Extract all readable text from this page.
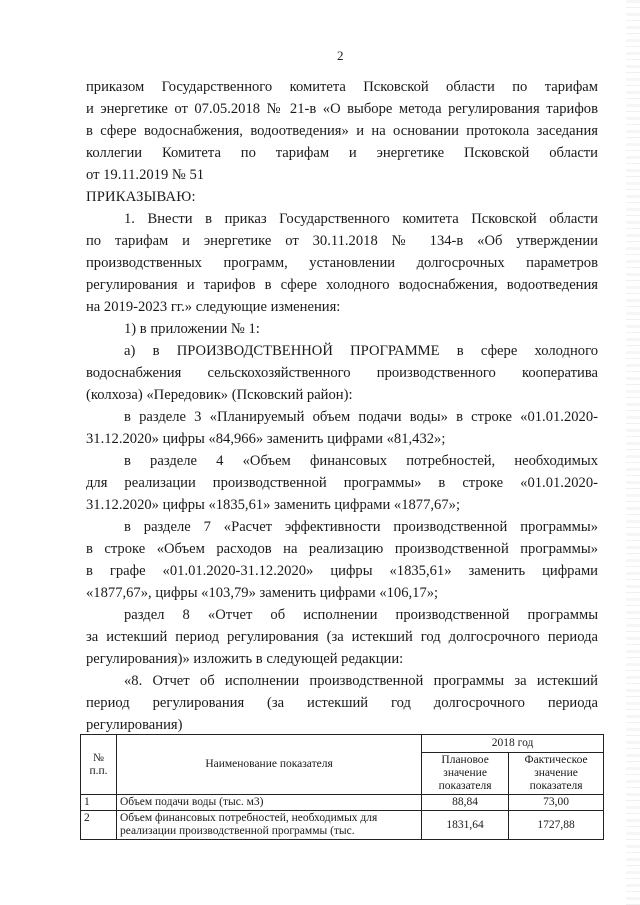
2

приказом Государственного комитета Псковской области по тарифам

и энергетике от 07.05.2018 № 21-в «О выборе метода регулирования тарифов

в сфере водоснабжения, водоотведения» и на основании протокола заседания

коллегии Комитета по тарифам и энергетике Псковской области

от 19.11.2019 № 51

ПРИКАЗЫВАЮ:

1. Внести в приказ Государственного комитета Псковской области

по тарифам и энергетике от 30.11.2018 № 134-в «Об утверждении

производственных программ, установлении долгосрочных параметров

регулирования и тарифов в сфере холодного водоснабжения, водоотведения

на 2019-2023 гг.» следующие изменения:

1) в приложении № 1:

а) в ПРОИЗВОДСТВЕННОЙ ПРОГРАММЕ в сфере холодного

водоснабжения сельскохозяйственного производственного кооператива

(колхоза) «Передовик» (Псковский район):

в разделе 3 «Планируемый объем подачи воды» в строке «01.01.2020-

31.12.2020» цифры «84,966» заменить цифрами «81,432»;

в разделе 4 «Объем финансовых потребностей, необходимых

для реализации производственной программы» в строке «01.01.2020-

31.12.2020» цифры «1835,61» заменить цифрами «1877,67»;

в разделе 7 «Расчет эффективности производственной программы»

в строке «Объем расходов на реализацию производственной программы»

в графе «01.01.2020-31.12.2020» цифры «1835,61» заменить цифрами

«1877,67», цифры «103,79» заменить цифрами «106,17»;

раздел 8 «Отчет об исполнении производственной программы

за истекший период регулирования (за истекший год долгосрочного периода

регулирования)» изложить в следующей редакции:

«8. Отчет об исполнении производственной программы за истекший

период регулирования (за истекший год долгосрочного периода

регулирования)

№ п.п.	Наименование показателя	2018 год	
		Плановое значение показателя	Фактическое значение показателя
1	Объем подачи воды (тыс. м3)	88,84	73,00
2	Объем финансовых потребностей, необходимых для реализации производственной программы (тыс.	1831,64	1727,88
